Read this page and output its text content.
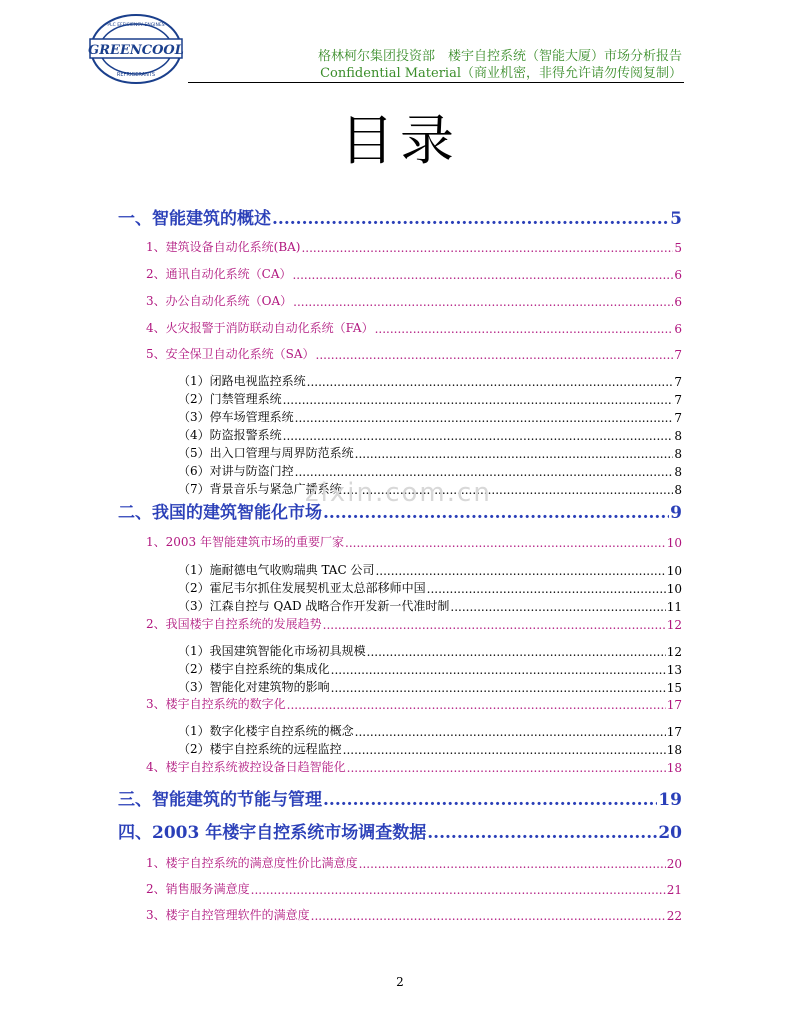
GREENCOOL
PLC EFFICIENCY ENGINES
REFRIGERANTS
格林柯尔集团投资部　楼宇自控系统（智能大厦）市场分析报告
Confidential Material（商业机密，非得允许请勿传阅复制）
目录
一、智能建筑的概述 .....	5
1、建筑设备自动化系统(BA) .....	5
2、通讯自动化系统（CA） .....	6
3、办公自动化系统（OA） .....	6
4、火灾报警于消防联动自动化系统（FA） .....	6
5、安全保卫自动化系统（SA） .....	7
（1）闭路电视监控系统 .....	7
（2）门禁管理系统 .....	7
（3）停车场管理系统 .....	7
（4）防盗报警系统 .....	8
（5）出入口管理与周界防范系统 .....	8
（6）对讲与防盗门控 .....	8
（7）背景音乐与紧急广播系统 .....	8
二、我国的建筑智能化市场 .....	9
1、2003 年智能建筑市场的重要厂家 .....	10
（1）施耐德电气收购瑞典 TAC 公司 .....	10
（2）霍尼韦尔抓住发展契机亚太总部移师中国 .....	10
（3）江森自控与 QAD 战略合作开发新一代准时制 .....	11
2、我国楼宇自控系统的发展趋势 .....	12
（1）我国建筑智能化市场初具规模 .....	12
（2）楼宇自控系统的集成化 .....	13
（3）智能化对建筑物的影响 .....	15
3、楼宇自控系统的数字化 .....	17
（1）数字化楼宇自控系统的概念 .....	17
（2）楼宇自控系统的远程监控 .....	18
4、楼宇自控系统被控设备日趋智能化 .....	18
三、智能建筑的节能与管理 .....	19
四、2003 年楼宇自控系统市场调查数据 .....	20
1、楼宇自控系统的满意度性价比满意度 .....	20
2、销售服务满意度 .....	21
3、楼宇自控管理软件的满意度 .....	22
zixin.com.cn
2
